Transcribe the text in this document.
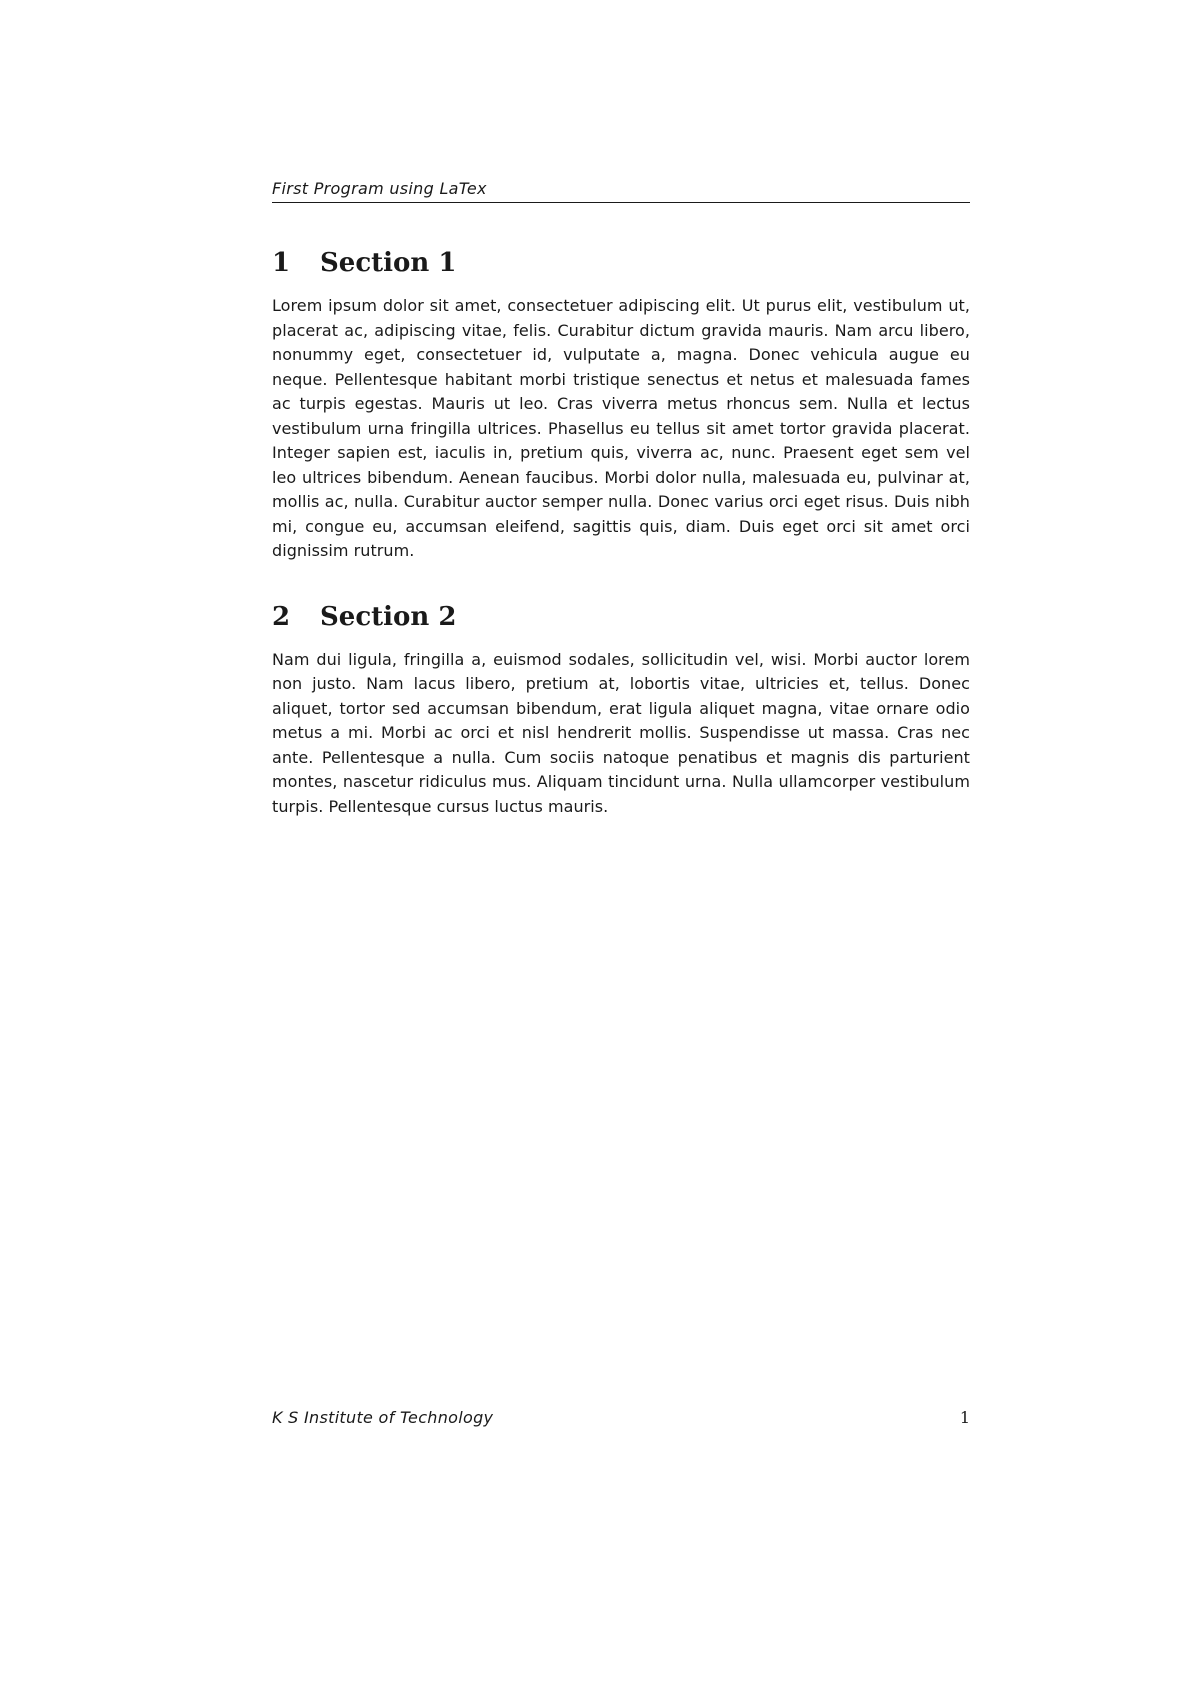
First Program using LaTex
1	Section 1

Lorem ipsum dolor sit amet, consectetuer adipiscing elit. Ut purus elit, vestibulum ut, placerat ac, adipiscing vitae, felis. Curabitur dictum gravida mauris. Nam arcu libero, nonummy eget, consectetuer id, vulputate a, magna. Donec vehicula augue eu neque. Pellentesque habitant morbi tristique senectus et netus et malesuada fames ac turpis egestas. Mauris ut leo. Cras viverra metus rhoncus sem. Nulla et lectus vestibulum urna fringilla ultrices. Phasellus eu tellus sit amet tortor gravida placerat. Integer sapien est, iaculis in, pretium quis, viverra ac, nunc. Praesent eget sem vel leo ultrices bibendum. Aenean faucibus. Morbi dolor nulla, malesuada eu, pulvinar at, mollis ac, nulla. Curabitur auctor semper nulla. Donec varius orci eget risus. Duis nibh mi, congue eu, accumsan eleifend, sagittis quis, diam. Duis eget orci sit amet orci dignissim rutrum.

2	Section 2

Nam dui ligula, fringilla a, euismod sodales, sollicitudin vel, wisi. Morbi auctor lorem non justo. Nam lacus libero, pretium at, lobortis vitae, ultricies et, tellus. Donec aliquet, tortor sed accumsan bibendum, erat ligula aliquet magna, vitae ornare odio metus a mi. Morbi ac orci et nisl hendrerit mollis. Suspendisse ut massa. Cras nec ante. Pellentesque a nulla. Cum sociis natoque penatibus et magnis dis parturient montes, nascetur ridiculus mus. Aliquam tincidunt urna. Nulla ullamcorper vestibulum turpis. Pellentesque cursus luctus mauris.

K S Institute of Technology	1
